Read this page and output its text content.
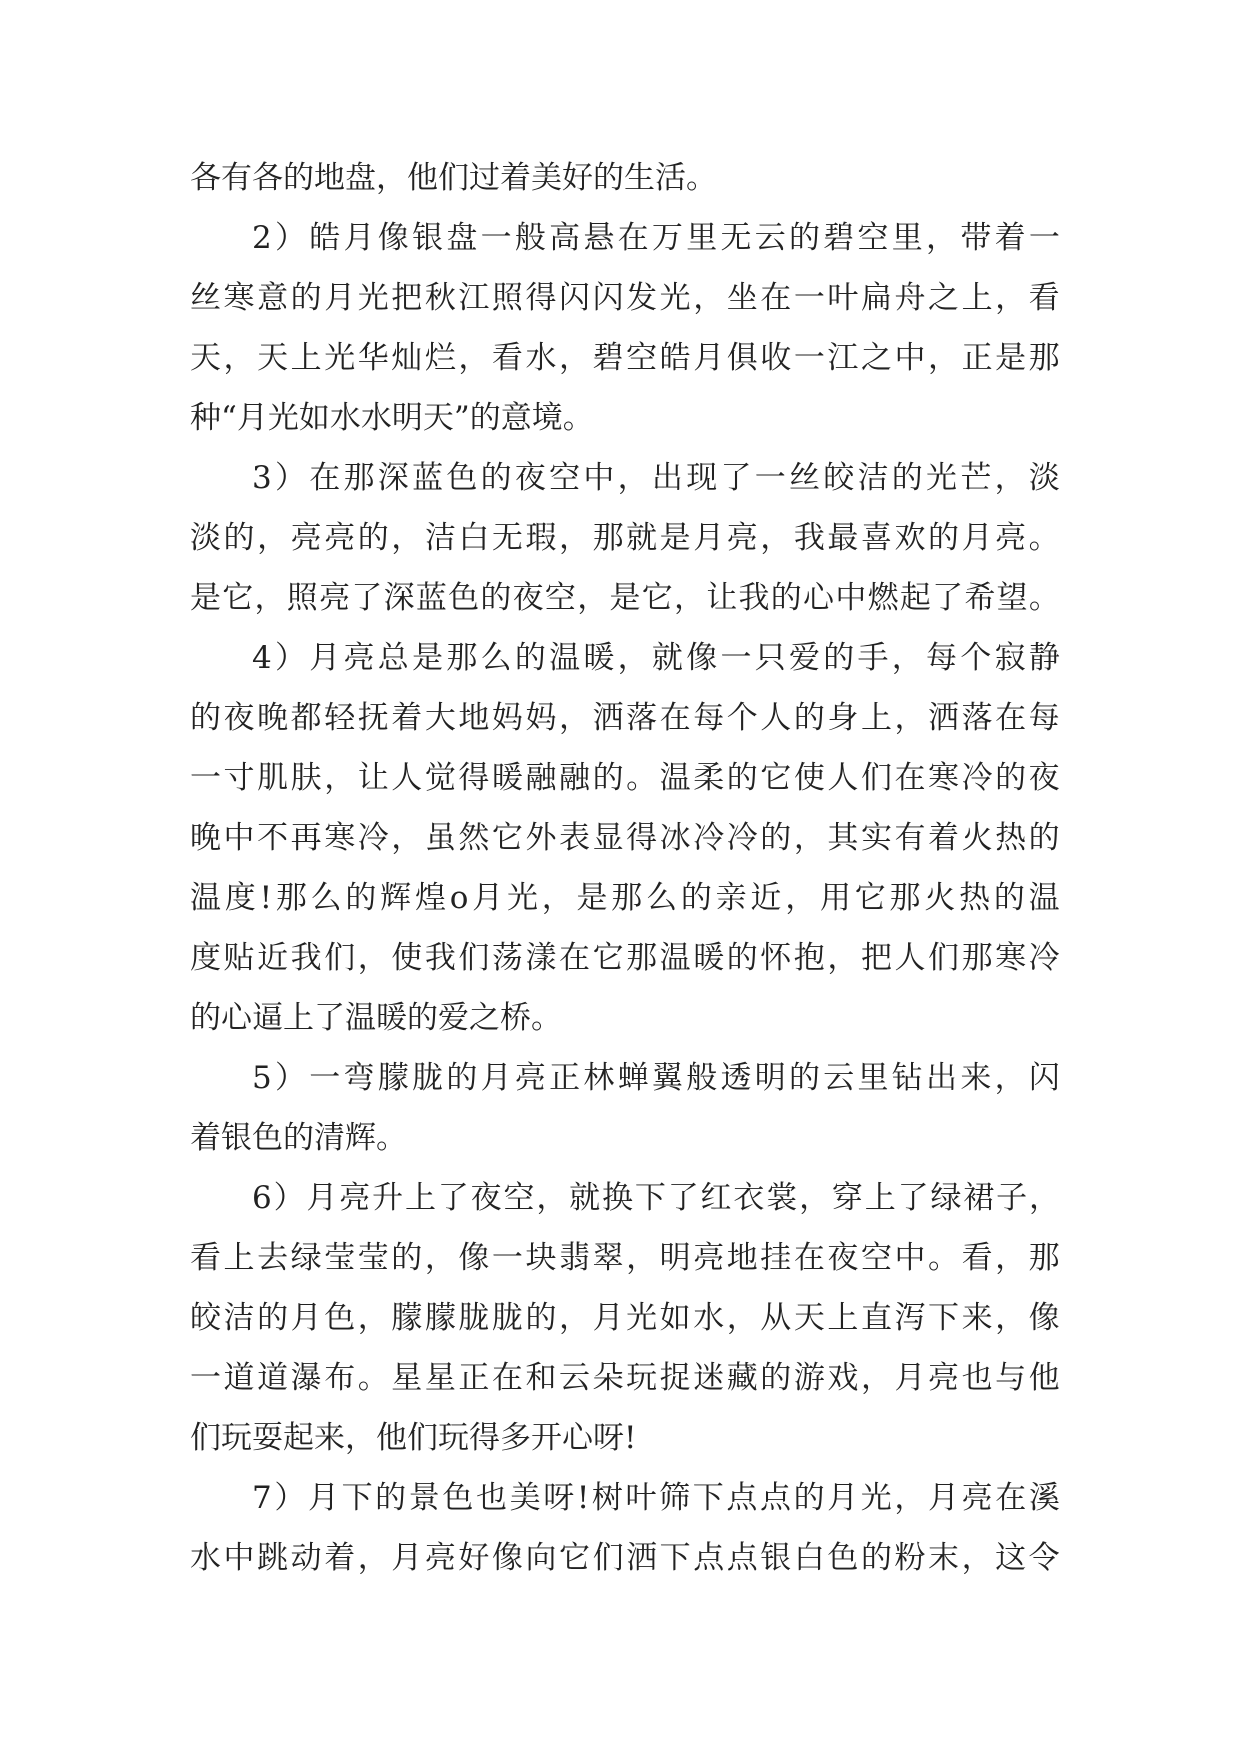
各有各的地盘，他们过着美好的生活。
2 ） 皓 月 像 银 盘 一 般 高 悬 在 万 里 无 云 的 碧 空 里 ， 带 着 一
丝 寒 意 的 月 光 把 秋 江 照 得 闪 闪 发 光 ， 坐 在 一 叶 扁 舟 之 上 ， 看
天 ， 天 上 光 华 灿 烂 ， 看 水 ， 碧 空 皓 月 俱 收 一 江 之 中 ， 正 是 那
种“月光如水水明天”的意境。
3 ） 在 那 深 蓝 色 的 夜 空 中 ， 出 现 了 一 丝 皎 洁 的 光 芒 ， 淡
淡 的 ， 亮 亮 的 ， 洁 白 无 瑕 ， 那 就 是 月 亮 ， 我 最 喜 欢 的 月 亮 。
是 它 ， 照 亮 了 深 蓝 色 的 夜 空 ， 是 它 ， 让 我 的 心 中 燃 起 了 希 望 。
4 ） 月 亮 总 是 那 么 的 温 暖 ， 就 像 一 只 爱 的 手 ， 每 个 寂 静
的 夜 晚 都 轻 抚 着 大 地 妈 妈 ， 洒 落 在 每 个 人 的 身 上 ， 洒 落 在 每
一 寸 肌 肤 ， 让 人 觉 得 暖 融 融 的 。 温 柔 的 它 使 人 们 在 寒 冷 的 夜
晚 中 不 再 寒 冷 ， 虽 然 它 外 表 显 得 冰 冷 冷 的 ， 其 实 有 着 火 热 的
温 度 ! 那 么 的 辉 煌 o 月 光 ， 是 那 么 的 亲 近 ， 用 它 那 火 热 的 温
度 贴 近 我 们 ， 使 我 们 荡 漾 在 它 那 温 暖 的 怀 抱 ， 把 人 们 那 寒 冷
的心逼上了温暖的爱之桥。
5 ） 一 弯 朦 胧 的 月 亮 正 林 蝉 翼 般 透 明 的 云 里 钻 出 来 ， 闪
着银色的清辉。
6 ） 月 亮 升 上 了 夜 空 ， 就 换 下 了 红 衣 裳 ， 穿 上 了 绿 裙 子 ，
看 上 去 绿 莹 莹 的 ， 像 一 块 翡 翠 ， 明 亮 地 挂 在 夜 空 中 。 看 ， 那
皎 洁 的 月 色 ， 朦 朦 胧 胧 的 ， 月 光 如 水 ， 从 天 上 直 泻 下 来 ， 像
一 道 道 瀑 布 。 星 星 正 在 和 云 朵 玩 捉 迷 藏 的 游 戏 ， 月 亮 也 与 他
们玩耍起来，他们玩得多开心呀!
7 ） 月 下 的 景 色 也 美 呀 ! 树 叶 筛 下 点 点 的 月 光 ， 月 亮 在 溪
水 中 跳 动 着 ， 月 亮 好 像 向 它 们 洒 下 点 点 银 白 色 的 粉 末 ， 这 令
